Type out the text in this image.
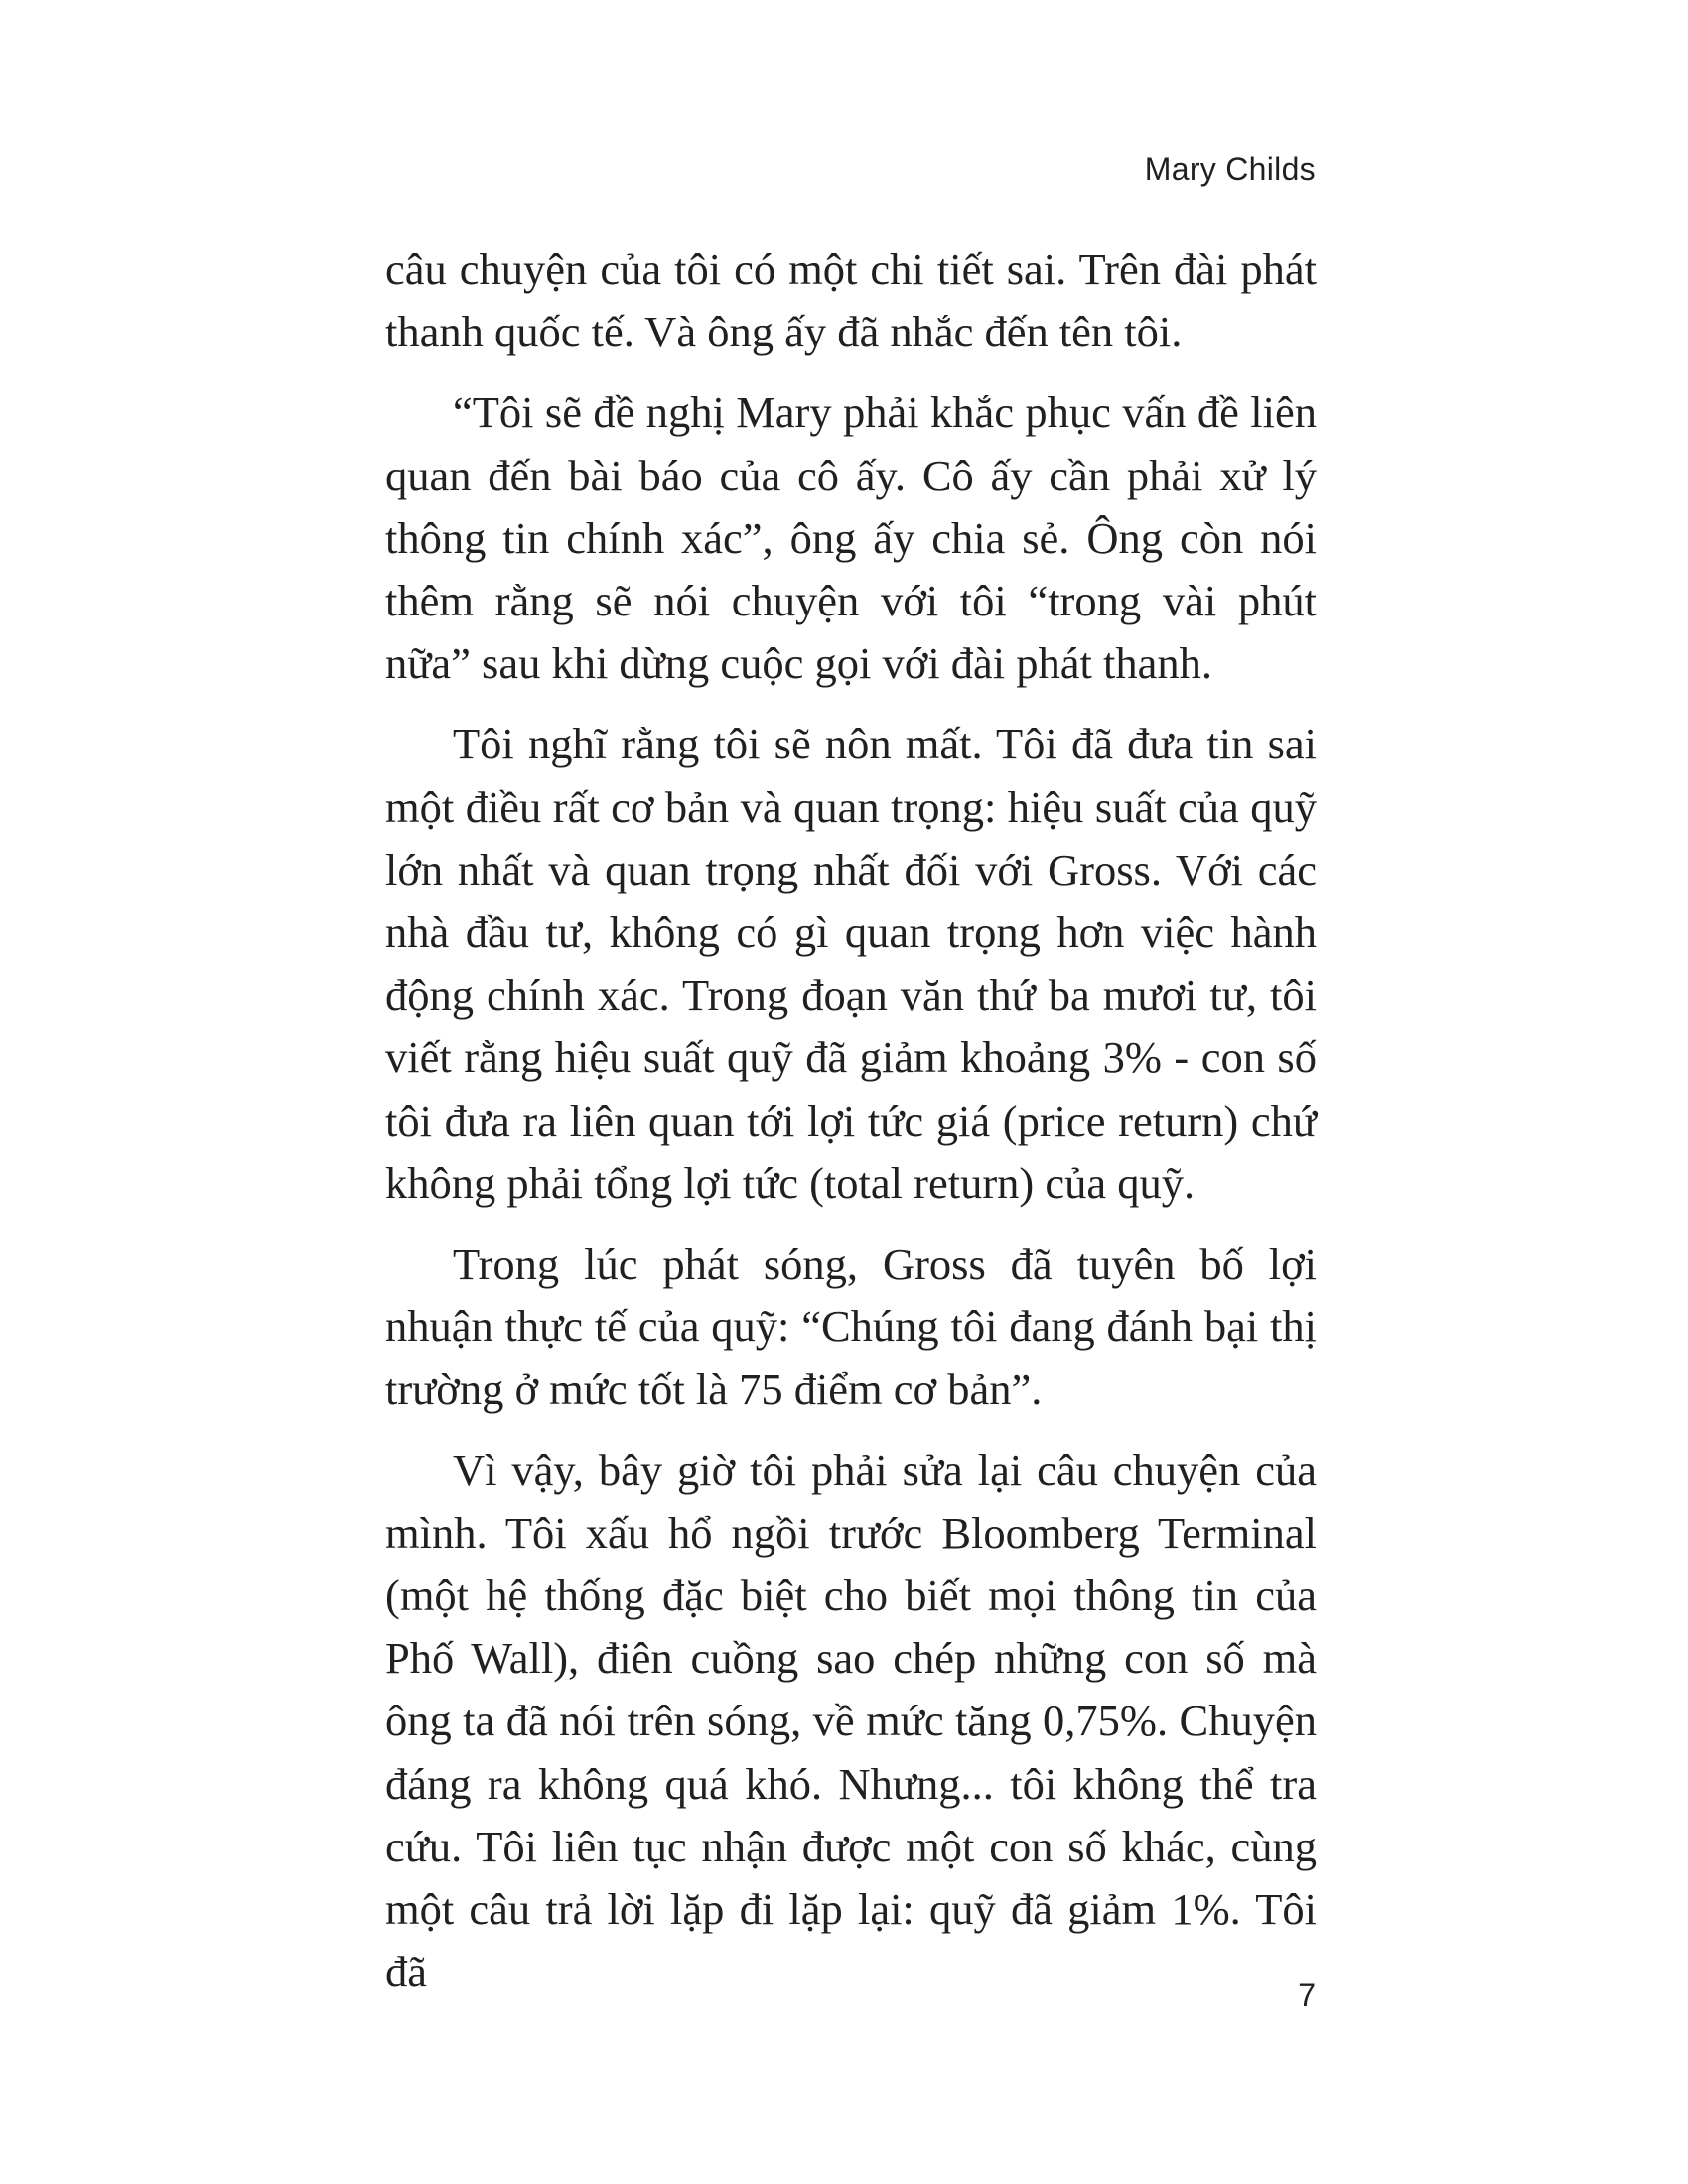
Mary Childs

câu chuyện của tôi có một chi tiết sai. Trên đài phát thanh quốc tế. Và ông ấy đã nhắc đến tên tôi.

“Tôi sẽ đề nghị Mary phải khắc phục vấn đề liên quan đến bài báo của cô ấy. Cô ấy cần phải xử lý thông tin chính xác”, ông ấy chia sẻ. Ông còn nói thêm rằng sẽ nói chuyện với tôi “trong vài phút nữa” sau khi dừng cuộc gọi với đài phát thanh.

Tôi nghĩ rằng tôi sẽ nôn mất. Tôi đã đưa tin sai một điều rất cơ bản và quan trọng: hiệu suất của quỹ lớn nhất và quan trọng nhất đối với Gross. Với các nhà đầu tư, không có gì quan trọng hơn việc hành động chính xác. Trong đoạn văn thứ ba mươi tư, tôi viết rằng hiệu suất quỹ đã giảm khoảng 3% - con số tôi đưa ra liên quan tới lợi tức giá (price return) chứ không phải tổng lợi tức (total return) của quỹ.

Trong lúc phát sóng, Gross đã tuyên bố lợi nhuận thực tế của quỹ: “Chúng tôi đang đánh bại thị trường ở mức tốt là 75 điểm cơ bản”.

Vì vậy, bây giờ tôi phải sửa lại câu chuyện của mình. Tôi xấu hổ ngồi trước Bloomberg Terminal (một hệ thống đặc biệt cho biết mọi thông tin của Phố Wall), điên cuồng sao chép những con số mà ông ta đã nói trên sóng, về mức tăng 0,75%. Chuyện đáng ra không quá khó. Nhưng... tôi không thể tra cứu. Tôi liên tục nhận được một con số khác, cùng một câu trả lời lặp đi lặp lại: quỹ đã giảm 1%. Tôi đã	7
